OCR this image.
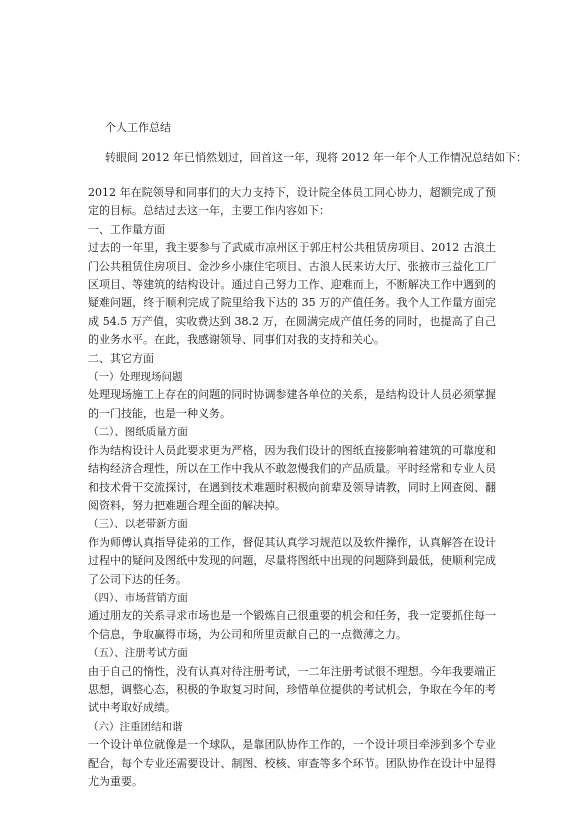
个人工作总结
转眼间 2012 年已悄然划过，回首这一年，现将 2012 年一年个人工作情况总结如下：

2012 年在院领导和同事们的大力支持下，设计院全体员工同心协力，超额完成了预定的目标。总结过去这一年，主要工作内容如下：

一、工作量方面

过去的一年里，我主要参与了武威市凉州区于郭庄村公共租赁房项目、2012 古浪土门公共租赁住房项目、金沙乡小康住宅项目、古浪人民来访大厅、张掖市三益化工厂区项目、等建筑的结构设计。通过自己努力工作、迎难而上，不断解决工作中遇到的疑难问题，终于顺利完成了院里给我下达的 35 万的产值任务。我个人工作量方面完成 54.5 万产值，实收费达到 38.2 万，在圆满完成产值任务的同时，也提高了自己的业务水平。在此，我感谢领导、同事们对我的支持和关心。

二、其它方面

（一）处理现场问题

处理现场施工上存在的问题的同时协调参建各单位的关系，是结构设计人员必须掌握的一门技能，也是一种义务。

（二）、图纸质量方面

作为结构设计人员此要求更为严格，因为我们设计的图纸直接影响着建筑的可靠度和结构经济合理性，所以在工作中我从不敢忽慢我们的产品质量。平时经常和专业人员和技术骨干交流探讨，在遇到技术难题时积极向前辈及领导请教，同时上网查阅、翻阅资料，努力把难题合理全面的解决掉。

（三）、以老带新方面

作为师傅认真指导徒弟的工作，督促其认真学习规范以及软件操作，认真解答在设计过程中的疑问及图纸中发现的问题，尽量将图纸中出现的问题降到最低，使顺利完成了公司下达的任务。

（四）、市场营销方面

通过朋友的关系寻求市场也是一个锻炼自己很重要的机会和任务，我一定要抓住每一个信息，争取赢得市场，为公司和所里贡献自己的一点微薄之力。

（五）、注册考试方面

由于自己的惰性，没有认真对待注册考试，一二年注册考试很不理想。今年我要端正思想，调整心态，积极的争取复习时间，珍惜单位提供的考试机会，争取在今年的考试中考取好成绩。

（六）注重团结和谐

一个设计单位就像是一个球队，是靠团队协作工作的，一个设计项目牵涉到多个专业配合，每个专业还需要设计、制图、校核、审查等多个环节。团队协作在设计中显得尤为重要。
